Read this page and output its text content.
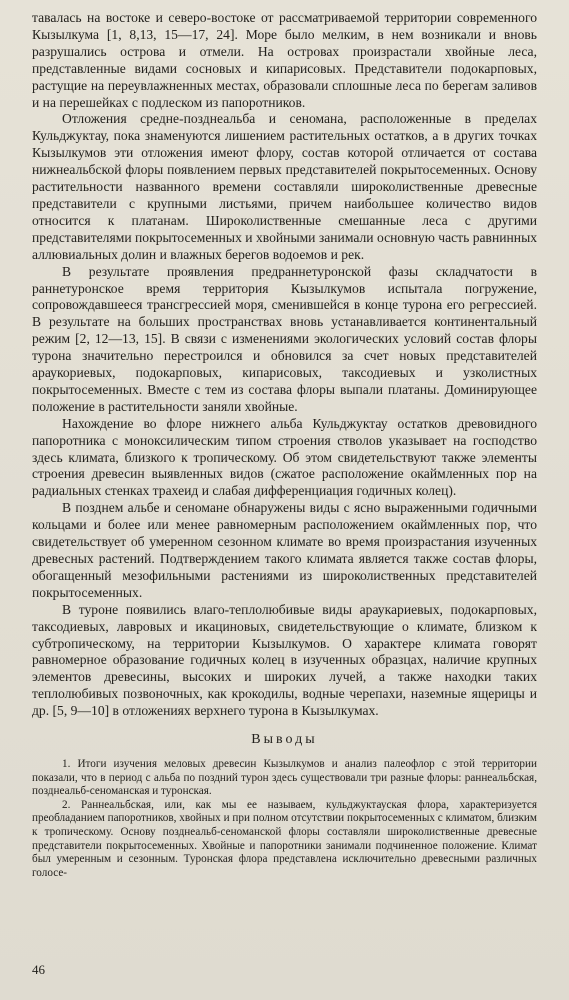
тавалась на востоке и северо-востоке от рассматриваемой территории современного Кызылкума [1, 8,13, 15—17, 24]. Море было мелким, в нем возникали и вновь разрушались острова и отмели. На островах произрастали хвойные леса, представленные видами сосновых и кипарисовых. Представители подокарповых, растущие на переувлажненных местах, образовали сплошные леса по берегам заливов и на перешейках с подлеском из папоротников.

Отложения средне-позднеальба и сеномана, расположенные в пределах Кульджуктау, пока знаменуются лишением растительных остатков, а в других точках Кызылкумов эти отложения имеют флору, состав которой отличается от состава нижнеальбской флоры появлением первых представителей покрытосеменных. Основу растительности названного времени составляли широколиственные древесные представители с крупными листьями, причем наибольшее количество видов относится к платанам. Широколиственные смешанные леса с другими представителями покрытосеменных и хвойными занимали основную часть равнинных аллювиальных долин и влажных берегов водоемов и рек.

В результате проявления предраннетуронской фазы складчатости в раннетуронское время территория Кызылкумов испытала погружение, сопровождавшееся трансгрессией моря, сменившейся в конце турона его регрессией. В результате на больших пространствах вновь устанавливается континентальный режим [2, 12—13, 15]. В связи с изменениями экологических условий состав флоры турона значительно перестроился и обновился за счет новых представителей араукориевых, подокарповых, кипарисовых, таксодиевых и узколистных покрытосеменных. Вместе с тем из состава флоры выпали платаны. Доминирующее положение в растительности заняли хвойные.

Нахождение во флоре нижнего альба Кульджуктау остатков древовидного папоротника с моноксилическим типом строения стволов указывает на господство здесь климата, близкого к тропическому. Об этом свидетельствуют также элементы строения древесин выявленных видов (сжатое расположение окаймленных пор на радиальных стенках трахеид и слабая дифференциация годичных колец).

В позднем альбе и сеномане обнаружены виды с ясно выраженными годичными кольцами и более или менее равномерным расположением окаймленных пор, что свидетельствует об умеренном сезонном климате во время произрастания изученных древесных растений. Подтверждением такого климата является также состав флоры, обогащенный мезофильными растениями из широколиственных представителей покрытосеменных.

В туроне появились влаго-теплолюбивые виды араукариевых, подокарповых, таксодиевых, лавровых и икациновых, свидетельствующие о климате, близком к субтропическому, на территории Кызылкумов. О характере климата говорят равномерное образование годичных колец в изученных образцах, наличие крупных элементов древесины, высоких и широких лучей, а также находки таких теплолюбивых позвоночных, как крокодилы, водные черепахи, наземные ящерицы и др. [5, 9—10] в отложениях верхнего турона в Кызылкумах.

Выводы

1. Итоги изучения меловых древесин Кызылкумов и анализ палеофлор с этой территории показали, что в период с альба по поздний турон здесь существовали три разные флоры: раннеальбская, позднеальб-сеноманская и туронская.

2. Раннеальбская, или, как мы ее называем, кульджуктауская флора, характеризуется преобладанием папоротников, хвойных и при полном отсутствии покрытосеменных с климатом, близким к тропическому. Основу позднеальб-сеноманской флоры составляли широколиственные древесные представители покрытосеменных. Хвойные и папоротники занимали подчиненное положение. Климат был умеренным и сезонным. Туронская флора представлена исключительно древесными различных голосе-

46
